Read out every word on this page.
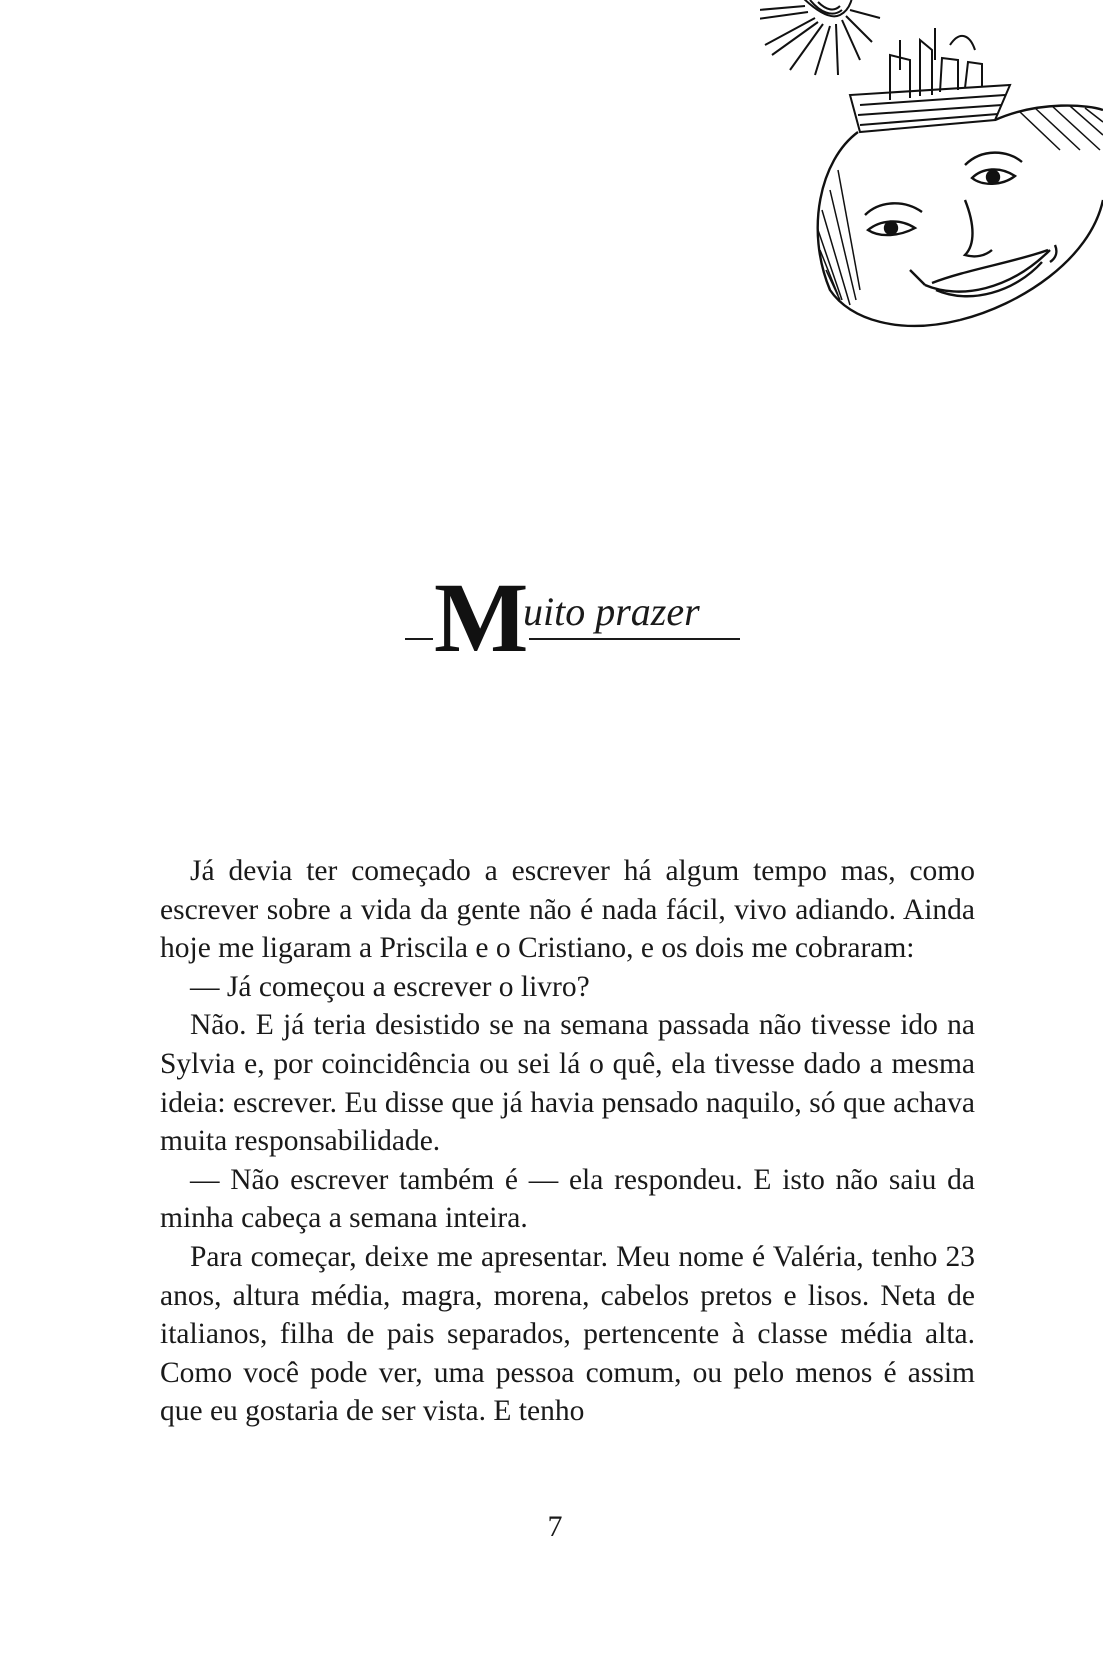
M
uito prazer

Já devia ter começado a escrever há algum tempo mas, como escrever sobre a vida da gente não é nada fácil, vivo adiando. Ainda hoje me ligaram a Priscila e o Cristiano, e os dois me cobraram:

— Já começou a escrever o livro?

Não. E já teria desistido se na semana passada não tivesse ido na Sylvia e, por coincidência ou sei lá o quê, ela tivesse dado a mesma ideia: escrever. Eu disse que já havia pensado naquilo, só que achava muita responsabilidade.

— Não escrever também é — ela respondeu. E isto não saiu da minha cabeça a semana inteira.

Para começar, deixe me apresentar. Meu nome é Valéria, tenho 23 anos, altura média, magra, morena, cabelos pretos e lisos. Neta de italianos, filha de pais separados, pertencente à classe média alta. Como você pode ver, uma pessoa comum, ou pelo menos é assim que eu gostaria de ser vista. E tenho

7
